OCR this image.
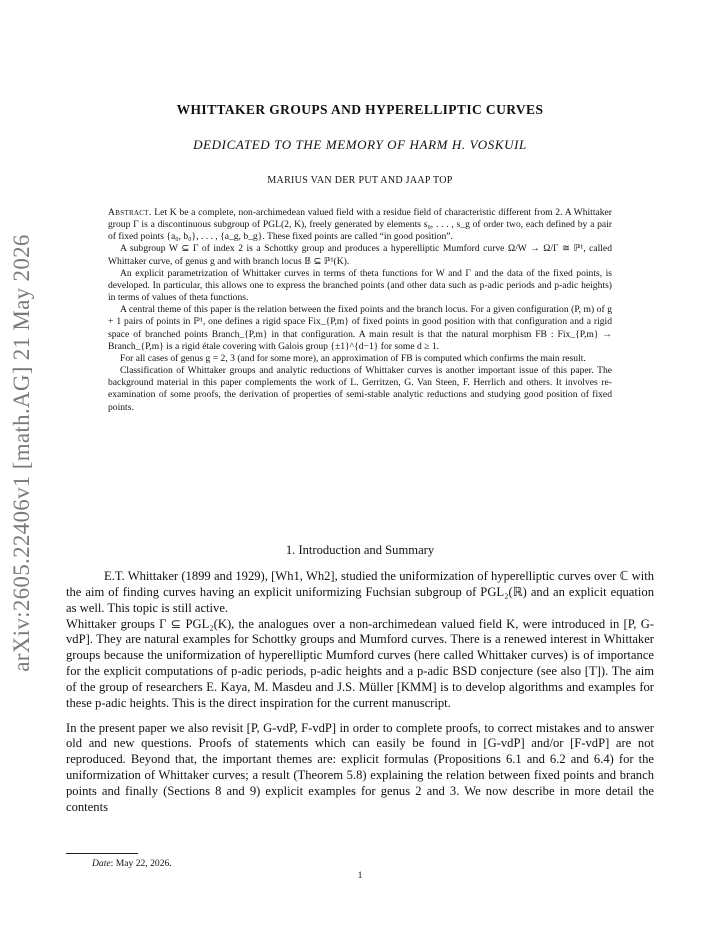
arXiv:2605.22406v1 [math.AG] 21 May 2026
WHITTAKER GROUPS AND HYPERELLIPTIC CURVES
DEDICATED TO THE MEMORY OF HARM H. VOSKUIL
MARIUS VAN DER PUT AND JAAP TOP

Abstract. Let K be a complete, non-archimedean valued field with a residue field of characteristic different from 2. A Whittaker group Γ is a discontinuous subgroup of PGL(2, K), freely generated by elements s₀, . . . , s_g of order two, each defined by a pair of fixed points {a₀, b₀}, . . . , {a_g, b_g}. These fixed points are called “in good position”.

A subgroup W ⊆ Γ of index 2 is a Schottky group and produces a hyperelliptic Mumford curve Ω/W → Ω/Γ ≅ ℙ¹, called Whittaker curve, of genus g and with branch locus 𝔹 ⊆ ℙ¹(K).

An explicit parametrization of Whittaker curves in terms of theta functions for W and Γ and the data of the fixed points, is developed. In particular, this allows one to express the branched points (and other data such as p-adic periods and p-adic heights) in terms of values of theta functions.

A central theme of this paper is the relation between the fixed points and the branch locus. For a given configuration (P, m) of g + 1 pairs of points in ℙ¹, one defines a rigid space Fix_{P,m} of fixed points in good position with that configuration and a rigid space of branched points Branch_{P,m} in that configuration. A main result is that the natural morphism FB : Fix_{P,m} → Branch_{P,m} is a rigid étale covering with Galois group {±1}^{d−1} for some d ≥ 1.

For all cases of genus g = 2, 3 (and for some more), an approximation of FB is computed which confirms the main result.

Classification of Whittaker groups and analytic reductions of Whittaker curves is another important issue of this paper. The background material in this paper complements the work of L. Gerritzen, G. Van Steen, F. Herrlich and others. It involves re-examination of some proofs, the derivation of properties of semi-stable analytic reductions and studying good position of fixed points.

1. Introduction and Summary

E.T. Whittaker (1899 and 1929), [Wh1, Wh2], studied the uniformization of hyperelliptic curves over ℂ with the aim of finding curves having an explicit uniformizing Fuchsian subgroup of PGL₂(ℝ) and an explicit equation as well. This topic is still active.

Whittaker groups Γ ⊆ PGL₂(K), the analogues over a non-archimedean valued field K, were introduced in [P, G-vdP]. They are natural examples for Schottky groups and Mumford curves. There is a renewed interest in Whittaker groups because the uniformization of hyperelliptic Mumford curves (here called Whittaker curves) is of importance for the explicit computations of p-adic periods, p-adic heights and a p-adic BSD conjecture (see also [T]). The aim of the group of researchers E. Kaya, M. Masdeu and J.S. Müller [KMM] is to develop algorithms and examples for these p-adic heights. This is the direct inspiration for the current manuscript.

In the present paper we also revisit [P, G-vdP, F-vdP] in order to complete proofs, to correct mistakes and to answer old and new questions. Proofs of statements which can easily be found in [G-vdP] and/or [F-vdP] are not reproduced. Beyond that, the important themes are: explicit formulas (Propositions 6.1 and 6.2 and 6.4) for the uniformization of Whittaker curves; a result (Theorem 5.8) explaining the relation between fixed points and branch points and finally (Sections 8 and 9) explicit examples for genus 2 and 3. We now describe in more detail the contents

Date: May 22, 2026.
1
